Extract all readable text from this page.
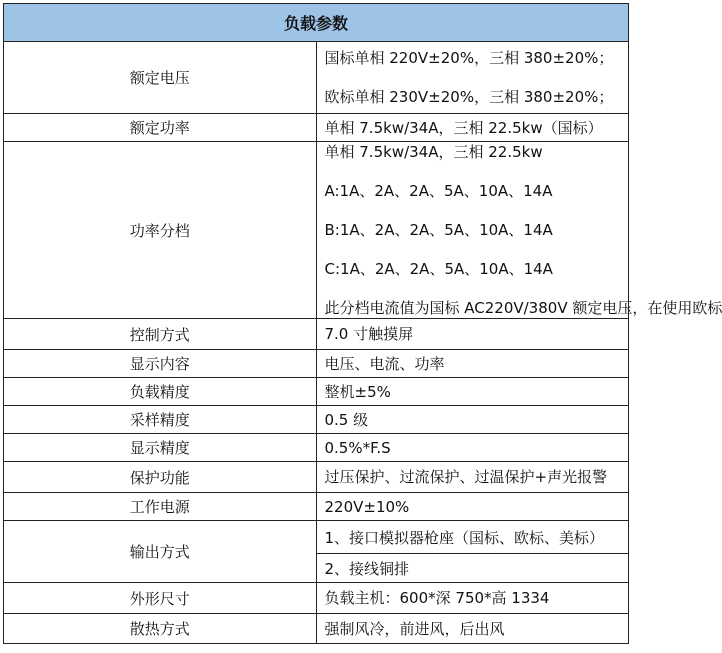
负载参数	
额定电压	国标单相 220V±20%，三相 380±20%；
欧标单相 230V±20%，三相 380±20%；

额定功率	单相 7.5kw/34A，三相 22.5kw（国标）

功率分档	单相 7.5kw/34A，三相 22.5kw
A:1A、2A、2A、5A、10A、14A
B:1A、2A、2A、5A、10A、14A
C:1A、2A、2A、5A、10A、14A
此分档电流值为国标 AC220V/380V 额定电压，在使用欧标

控制方式	7.0 寸触摸屏

显示内容	电压、电流、功率

负载精度	整机±5%

采样精度	0.5 级

显示精度	0.5%*F.S

保护功能	过压保护、过流保护、过温保护+声光报警

工作电源	220V±10%

输出方式	1、接口模拟器枪座（国标、欧标、美标）
	2、接线铜排
外形尺寸	负载主机：600*深 750*高 1334

散热方式	强制风冷，前进风，后出风
